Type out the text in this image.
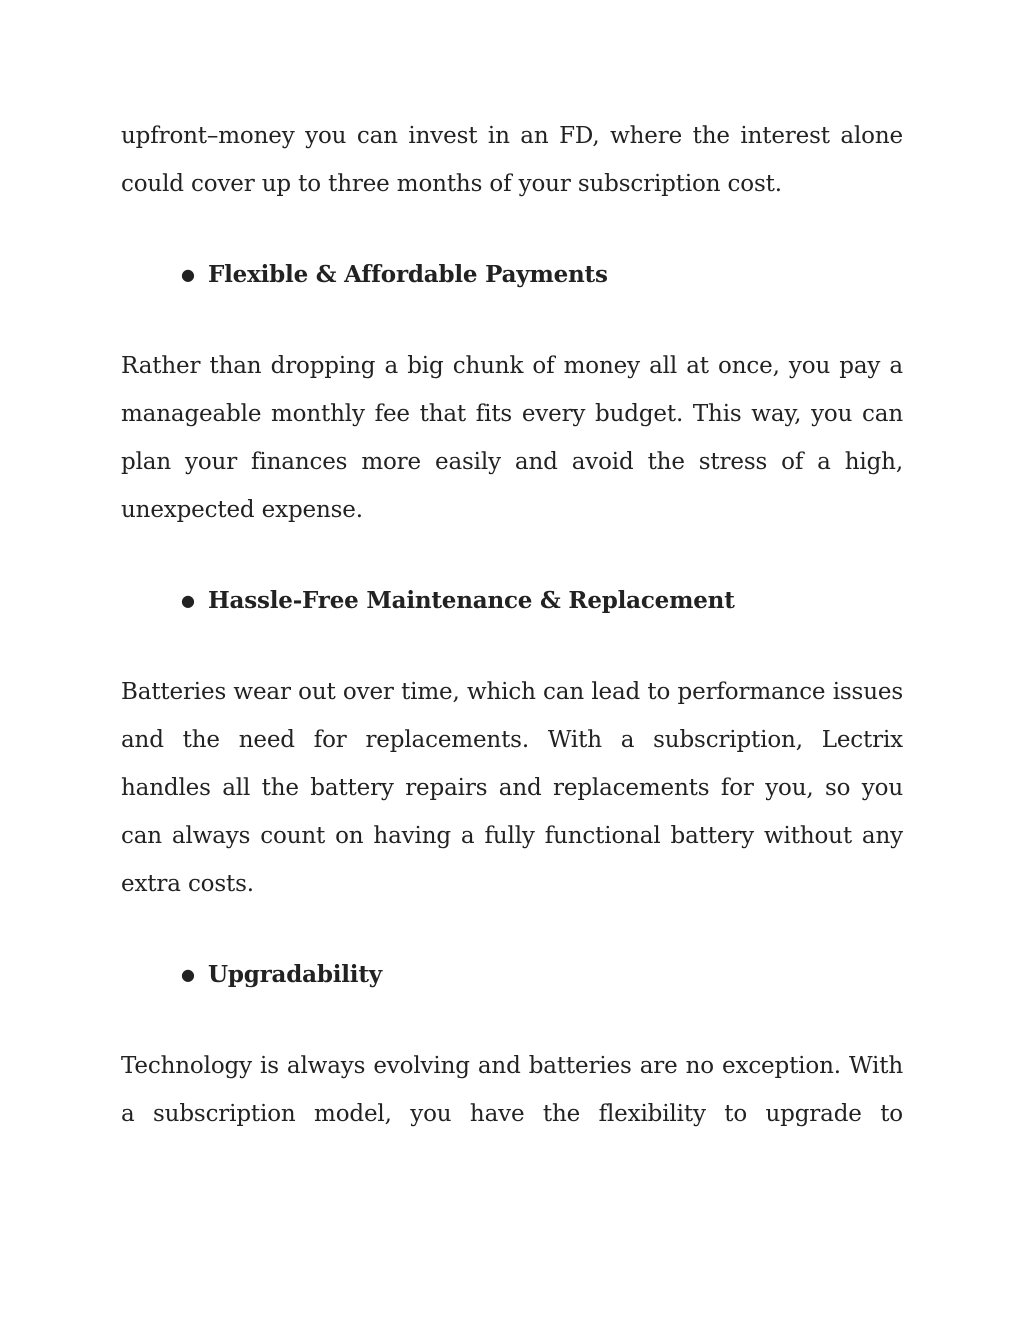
upfront–money you can invest in an FD, where the interest alone could cover up to three months of your subscription cost.

● Flexible & Affordable Payments

Rather than dropping a big chunk of money all at once, you pay a manageable monthly fee that fits every budget. This way, you can plan your finances more easily and avoid the stress of a high, unexpected expense.

● Hassle-Free Maintenance & Replacement

Batteries wear out over time, which can lead to performance issues and the need for replacements. With a subscription, Lectrix handles all the battery repairs and replacements for you, so you can always count on having a fully functional battery without any extra costs.

● Upgradability

Technology is always evolving and batteries are no exception. With a subscription model, you have the flexibility to upgrade to
